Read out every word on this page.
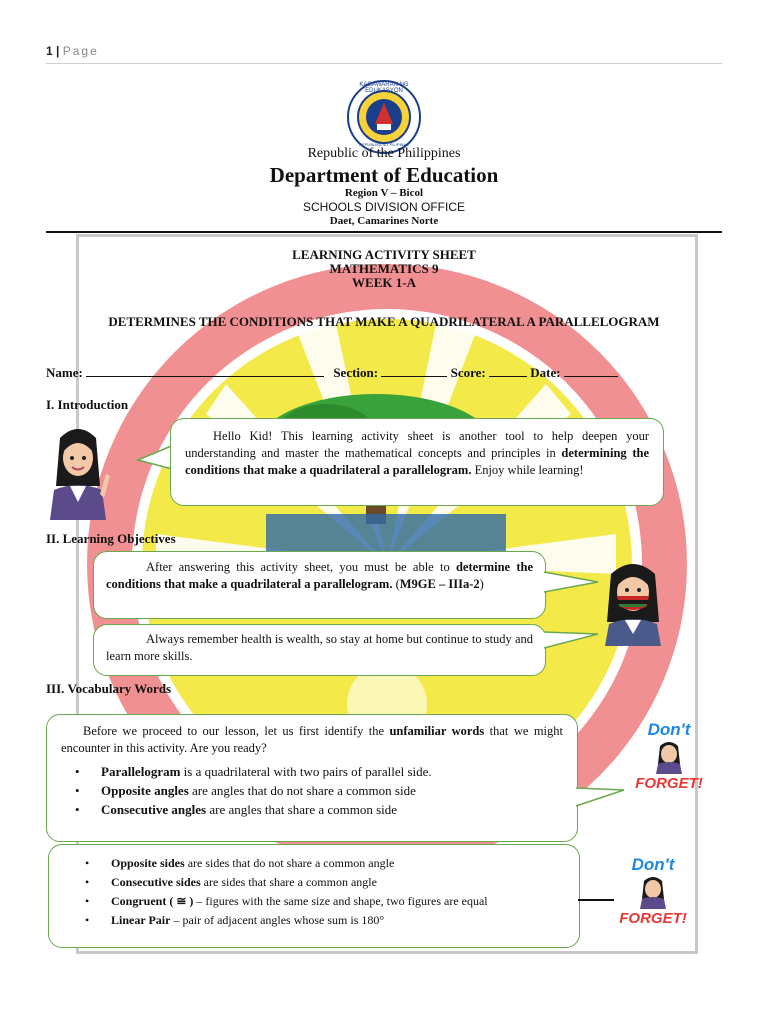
1 | Page
KAGAWARAN NG EDUKASYON
REPUBLIKA NG PILIPINAS
Republic of the Philippines
Department of Education
Region V – Bicol
SCHOOLS DIVISION OFFICE
Daet, Camarines Norte
LEARNING ACTIVITY SHEET
MATHEMATICS 9
WEEK 1-A
DETERMINES THE CONDITIONS THAT MAKE A QUADRILATERAL A PARALLELOGRAM
Name:	Section:	Score:	Date:
I. Introduction
Hello Kid! This learning activity sheet is another tool to help deepen your understanding and master the mathematical concepts and principles in determining the conditions that make a quadrilateral a parallelogram. Enjoy while learning!
II. Learning Objectives
After answering this activity sheet, you must be able to determine the conditions that make a quadrilateral a parallelogram. (M9GE – IIIa-2)
Always remember health is wealth, so stay at home but continue to study and learn more skills.
III. Vocabulary Words
Before we proceed to our lesson, let us first identify the unfamiliar words that we might encounter in this activity. Are you ready?
• Parallelogram is a quadrilateral with two pairs of parallel side.
• Opposite angles are angles that do not share a common side
• Consecutive angles are angles that share a common side
• Opposite sides are sides that do not share a common angle
• Consecutive sides are sides that share a common angle
• Congruent ( ≅ ) – figures with the same size and shape, two figures are equal
• Linear Pair – pair of adjacent angles whose sum is 180°
Don't
FORGET!
Don't
FORGET!
